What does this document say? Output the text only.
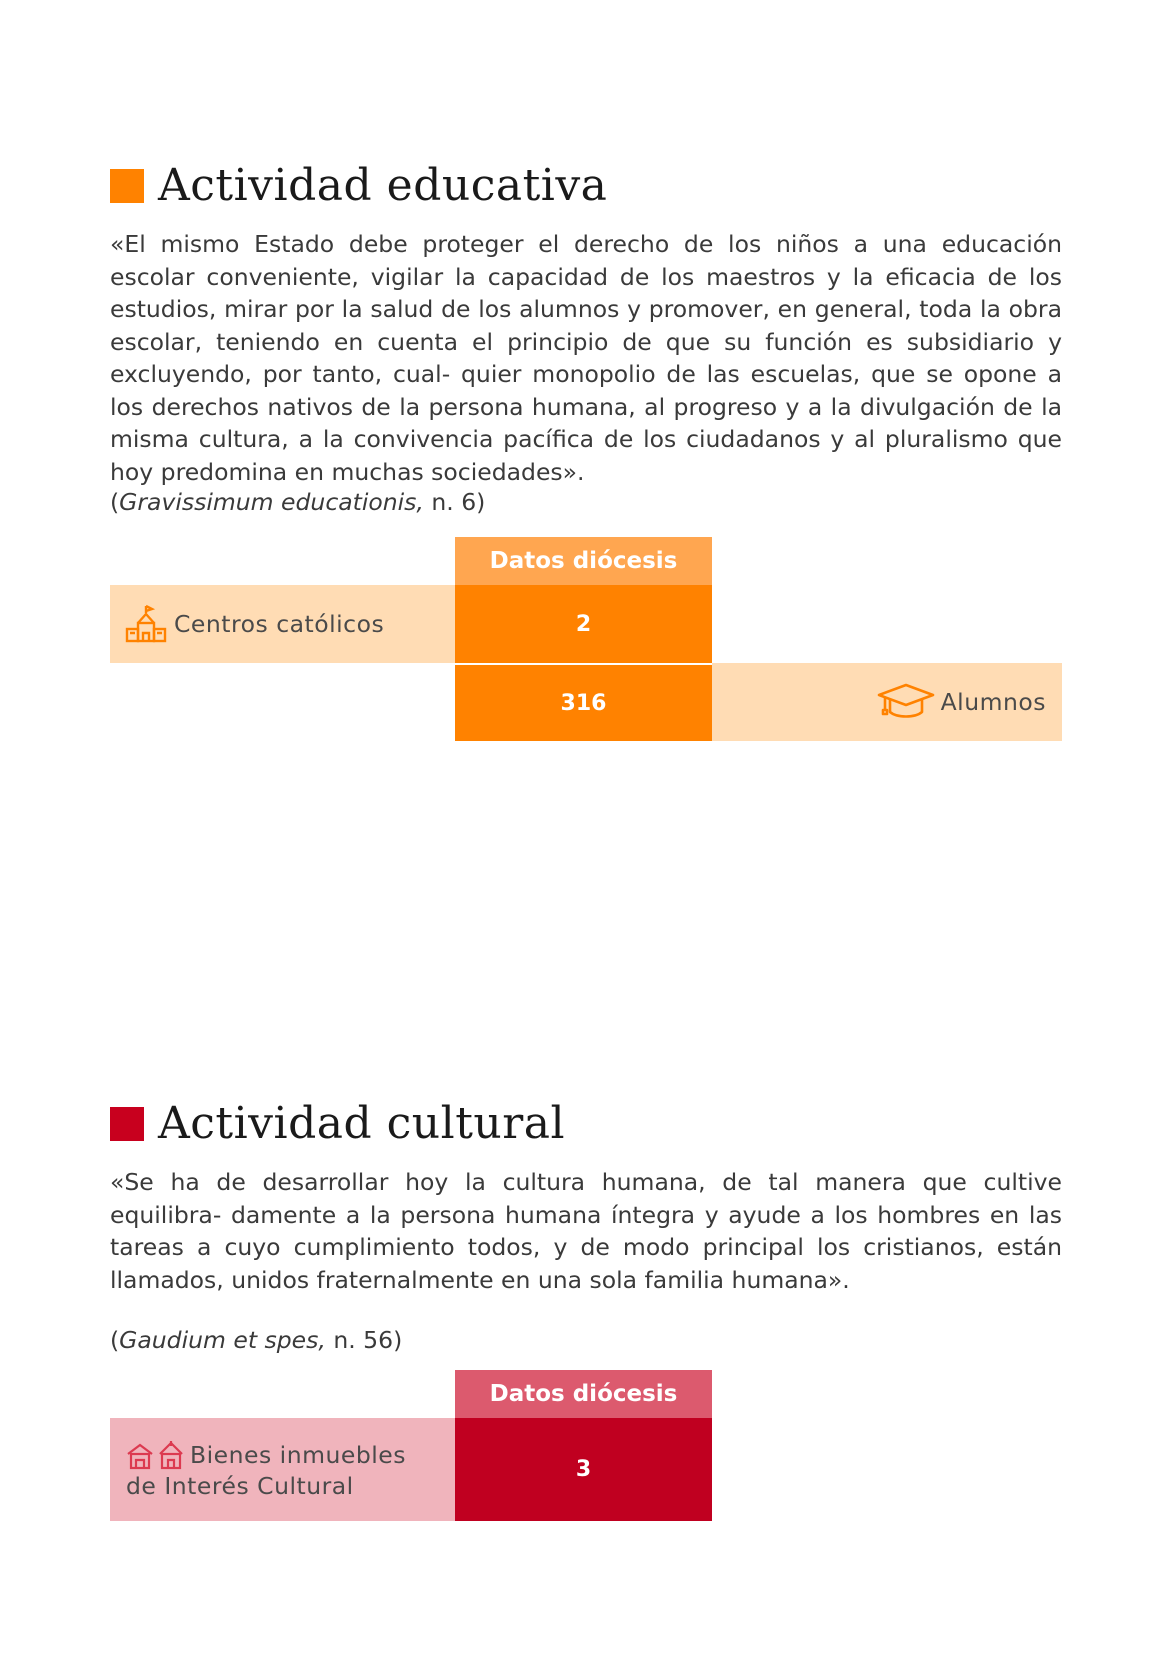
Actividad educativa

«El mismo Estado debe proteger el derecho de los niños a una educación escolar conveniente, vigilar la capacidad de los maestros y la eficacia de los estudios, mirar por la salud de los alumnos y promover, en general, toda la obra escolar, teniendo en cuenta el principio de que su función es subsidiario y excluyendo, por tanto, cual- quier monopolio de las escuelas, que se opone a los derechos nativos de la persona humana, al progreso y a la divulgación de la misma cultura, a la convivencia pacífica de los ciudadanos y al pluralismo que hoy predomina en muchas sociedades».

(Gravissimum educationis, n. 6)
Datos diócesis
Centros católicos	2
316	Alumnos
Actividad cultural

«Se ha de desarrollar hoy la cultura humana, de tal manera que cultive equilibra- damente a la persona humana íntegra y ayude a los hombres en las tareas a cuyo cumplimiento todos, y de modo principal los cristianos, están llamados, unidos fraternalmente en una sola familia humana».

(Gaudium et spes, n. 56)
Datos diócesis
Bienes inmuebles
de Interés Cultural
3
